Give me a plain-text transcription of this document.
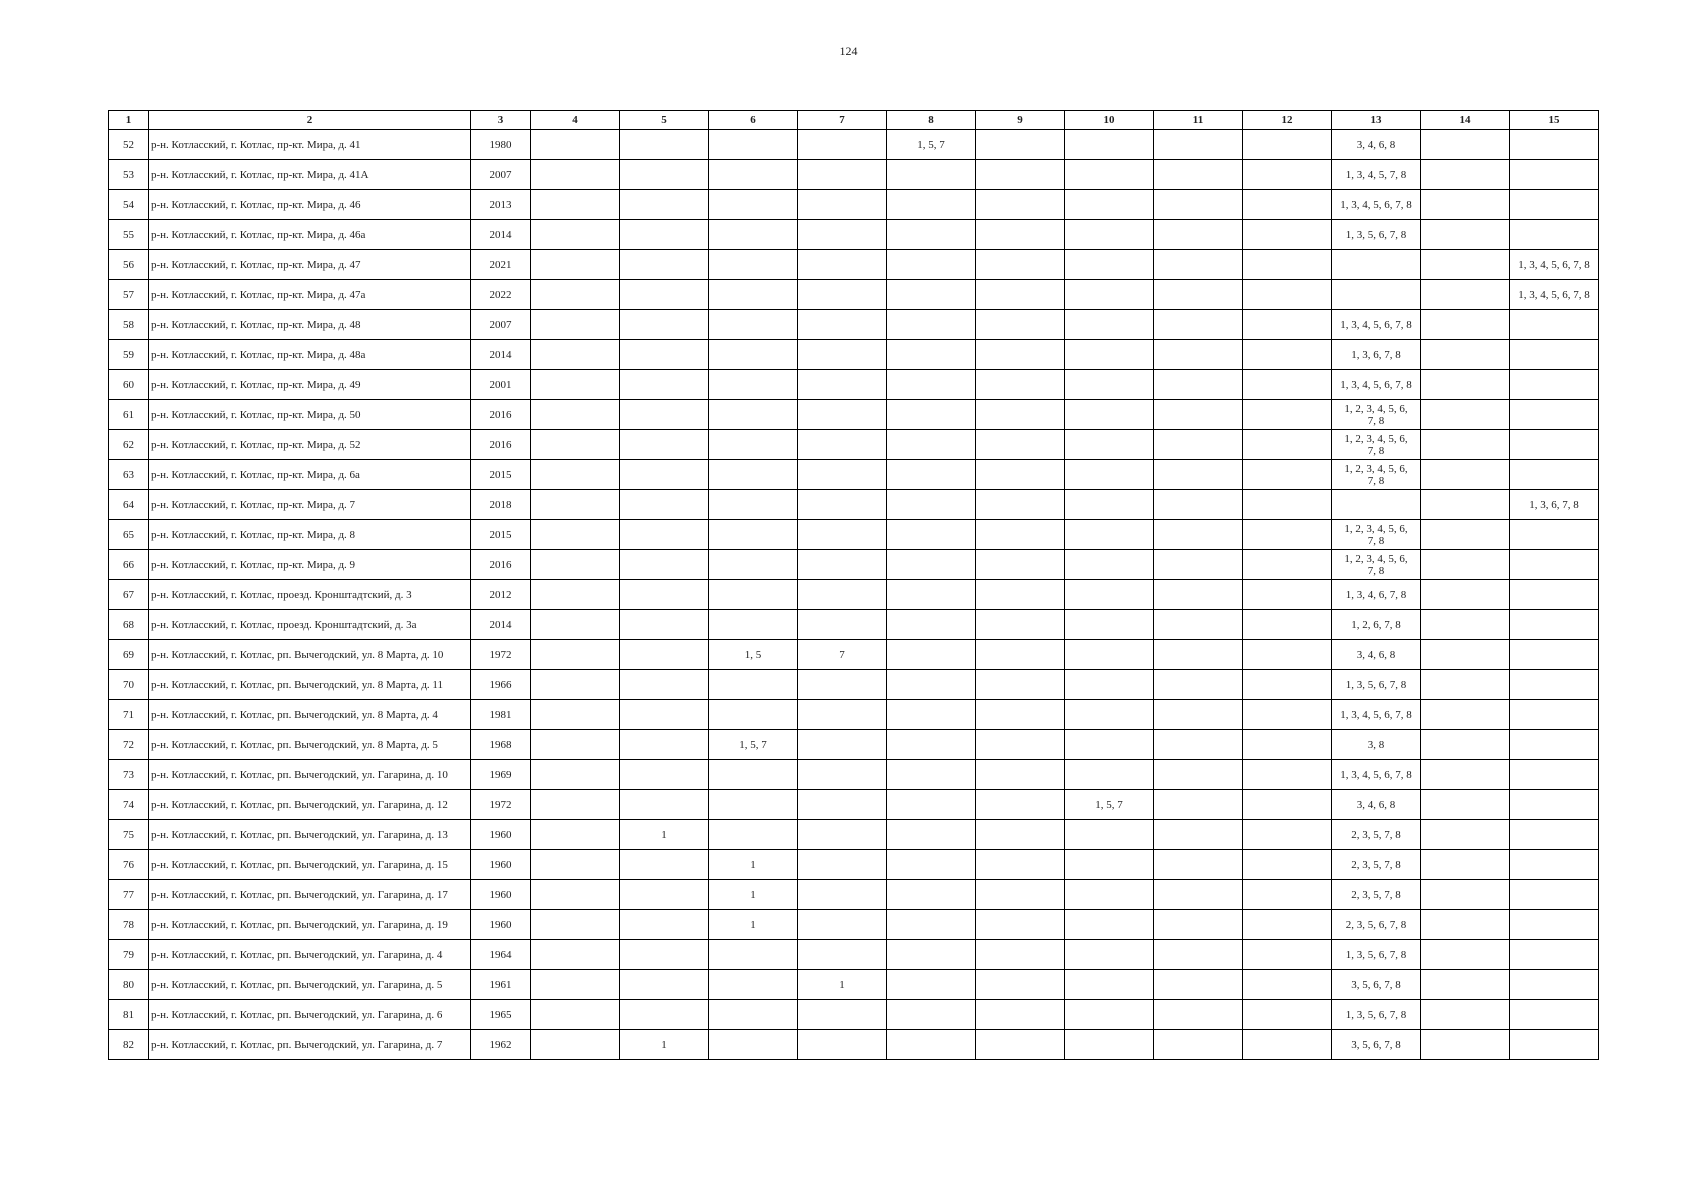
124
1	2	3	4	5	6	7	8	9	10	11	12	13	14	15
52	р-н. Котласский, г. Котлас, пр-кт. Мира, д. 41	1980					1, 5, 7					3, 4, 6, 8		
53	р-н. Котласский, г. Котлас, пр-кт. Мира, д. 41А	2007										1, 3, 4, 5, 7, 8		
54	р-н. Котласский, г. Котлас, пр-кт. Мира, д. 46	2013										1, 3, 4, 5, 6, 7, 8		
55	р-н. Котласский, г. Котлас, пр-кт. Мира, д. 46а	2014										1, 3, 5, 6, 7, 8		
56	р-н. Котласский, г. Котлас, пр-кт. Мира, д. 47	2021												1, 3, 4, 5, 6, 7, 8
57	р-н. Котласский, г. Котлас, пр-кт. Мира, д. 47а	2022												1, 3, 4, 5, 6, 7, 8
58	р-н. Котласский, г. Котлас, пр-кт. Мира, д. 48	2007										1, 3, 4, 5, 6, 7, 8		
59	р-н. Котласский, г. Котлас, пр-кт. Мира, д. 48а	2014										1, 3, 6, 7, 8		
60	р-н. Котласский, г. Котлас, пр-кт. Мира, д. 49	2001										1, 3, 4, 5, 6, 7, 8		
61	р-н. Котласский, г. Котлас, пр-кт. Мира, д. 50	2016										1, 2, 3, 4, 5, 6, 7, 8		
62	р-н. Котласский, г. Котлас, пр-кт. Мира, д. 52	2016										1, 2, 3, 4, 5, 6, 7, 8		
63	р-н. Котласский, г. Котлас, пр-кт. Мира, д. 6а	2015										1, 2, 3, 4, 5, 6, 7, 8		
64	р-н. Котласский, г. Котлас, пр-кт. Мира, д. 7	2018												1, 3, 6, 7, 8
65	р-н. Котласский, г. Котлас, пр-кт. Мира, д. 8	2015										1, 2, 3, 4, 5, 6, 7, 8		
66	р-н. Котласский, г. Котлас, пр-кт. Мира, д. 9	2016										1, 2, 3, 4, 5, 6, 7, 8		
67	р-н. Котласский, г. Котлас, проезд. Кронштадтский, д. 3	2012										1, 3, 4, 6, 7, 8		
68	р-н. Котласский, г. Котлас, проезд. Кронштадтский, д. 3а	2014										1, 2, 6, 7, 8		
69	р-н. Котласский, г. Котлас, рп. Вычегодский, ул. 8 Марта, д. 10	1972			1, 5	7						3, 4, 6, 8		
70	р-н. Котласский, г. Котлас, рп. Вычегодский, ул. 8 Марта, д. 11	1966										1, 3, 5, 6, 7, 8		
71	р-н. Котласский, г. Котлас, рп. Вычегодский, ул. 8 Марта, д. 4	1981										1, 3, 4, 5, 6, 7, 8		
72	р-н. Котласский, г. Котлас, рп. Вычегодский, ул. 8 Марта, д. 5	1968			1, 5, 7							3, 8		
73	р-н. Котласский, г. Котлас, рп. Вычегодский, ул. Гагарина, д. 10	1969										1, 3, 4, 5, 6, 7, 8		
74	р-н. Котласский, г. Котлас, рп. Вычегодский, ул. Гагарина, д. 12	1972							1, 5, 7			3, 4, 6, 8		
75	р-н. Котласский, г. Котлас, рп. Вычегодский, ул. Гагарина, д. 13	1960		1								2, 3, 5, 7, 8		
76	р-н. Котласский, г. Котлас, рп. Вычегодский, ул. Гагарина, д. 15	1960			1							2, 3, 5, 7, 8		
77	р-н. Котласский, г. Котлас, рп. Вычегодский, ул. Гагарина, д. 17	1960			1							2, 3, 5, 7, 8		
78	р-н. Котласский, г. Котлас, рп. Вычегодский, ул. Гагарина, д. 19	1960			1							2, 3, 5, 6, 7, 8		
79	р-н. Котласский, г. Котлас, рп. Вычегодский, ул. Гагарина, д. 4	1964										1, 3, 5, 6, 7, 8		
80	р-н. Котласский, г. Котлас, рп. Вычегодский, ул. Гагарина, д. 5	1961				1						3, 5, 6, 7, 8		
81	р-н. Котласский, г. Котлас, рп. Вычегодский, ул. Гагарина, д. 6	1965										1, 3, 5, 6, 7, 8		
82	р-н. Котласский, г. Котлас, рп. Вычегодский, ул. Гагарина, д. 7	1962		1								3, 5, 6, 7, 8		
